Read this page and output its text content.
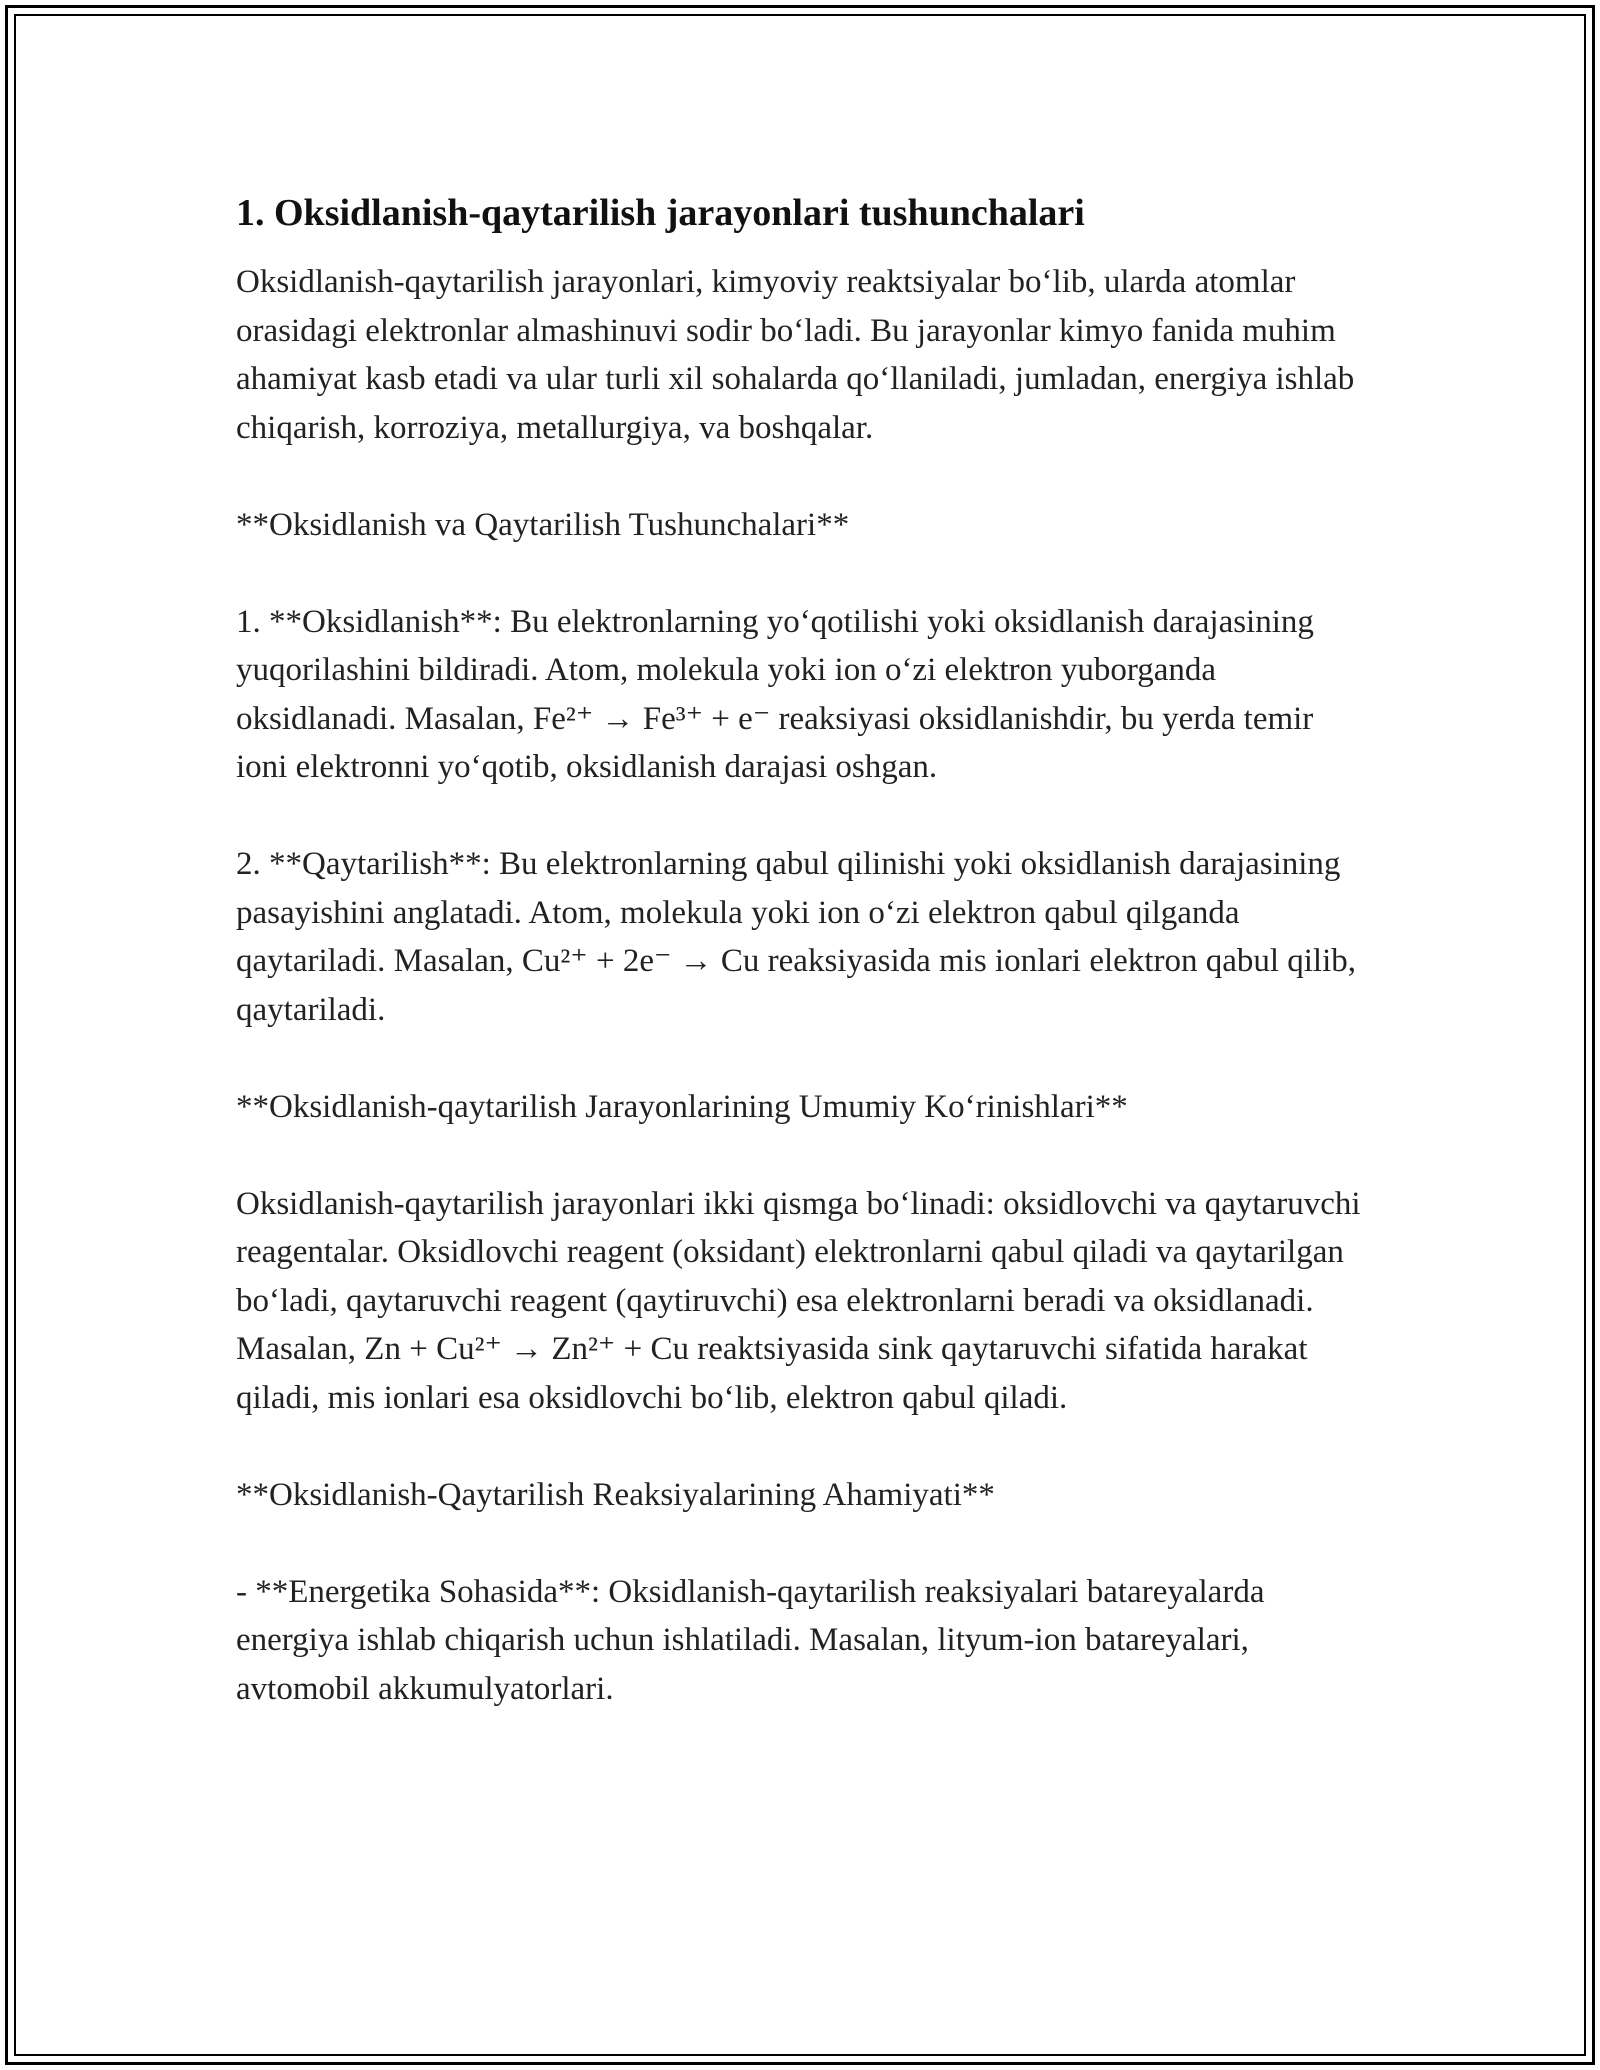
1. Oksidlanish-qaytarilish jarayonlari tushunchalari

Oksidlanish-qaytarilish jarayonlari, kimyoviy reaktsiyalar bo‘lib, ularda atomlar orasidagi elektronlar almashinuvi sodir bo‘ladi. Bu jarayonlar kimyo fanida muhim ahamiyat kasb etadi va ular turli xil sohalarda qo‘llaniladi, jumladan, energiya ishlab chiqarish, korroziya, metallurgiya, va boshqalar.

**Oksidlanish va Qaytarilish Tushunchalari**

1. **Oksidlanish**: Bu elektronlarning yo‘qotilishi yoki oksidlanish darajasining yuqorilashini bildiradi. Atom, molekula yoki ion o‘zi elektron yuborganda oksidlanadi. Masalan, Fe²⁺ → Fe³⁺ + e⁻ reaksiyasi oksidlanishdir, bu yerda temir ioni elektronni yo‘qotib, oksidlanish darajasi oshgan.

2. **Qaytarilish**: Bu elektronlarning qabul qilinishi yoki oksidlanish darajasining pasayishini anglatadi. Atom, molekula yoki ion o‘zi elektron qabul qilganda qaytariladi. Masalan, Cu²⁺ + 2e⁻ → Cu reaksiyasida mis ionlari elektron qabul qilib, qaytariladi.

**Oksidlanish-qaytarilish Jarayonlarining Umumiy Ko‘rinishlari**

Oksidlanish-qaytarilish jarayonlari ikki qismga bo‘linadi: oksidlovchi va qaytaruvchi reagentalar. Oksidlovchi reagent (oksidant) elektronlarni qabul qiladi va qaytarilgan bo‘ladi, qaytaruvchi reagent (qaytiruvchi) esa elektronlarni beradi va oksidlanadi. Masalan, Zn + Cu²⁺ → Zn²⁺ + Cu reaktsiyasida sink qaytaruvchi sifatida harakat qiladi, mis ionlari esa oksidlovchi bo‘lib, elektron qabul qiladi.

**Oksidlanish-Qaytarilish Reaksiyalarining Ahamiyati**

- **Energetika Sohasida**: Oksidlanish-qaytarilish reaksiyalari batareyalarda energiya ishlab chiqarish uchun ishlatiladi. Masalan, lityum-ion batareyalari, avtomobil akkumulyatorlari.
